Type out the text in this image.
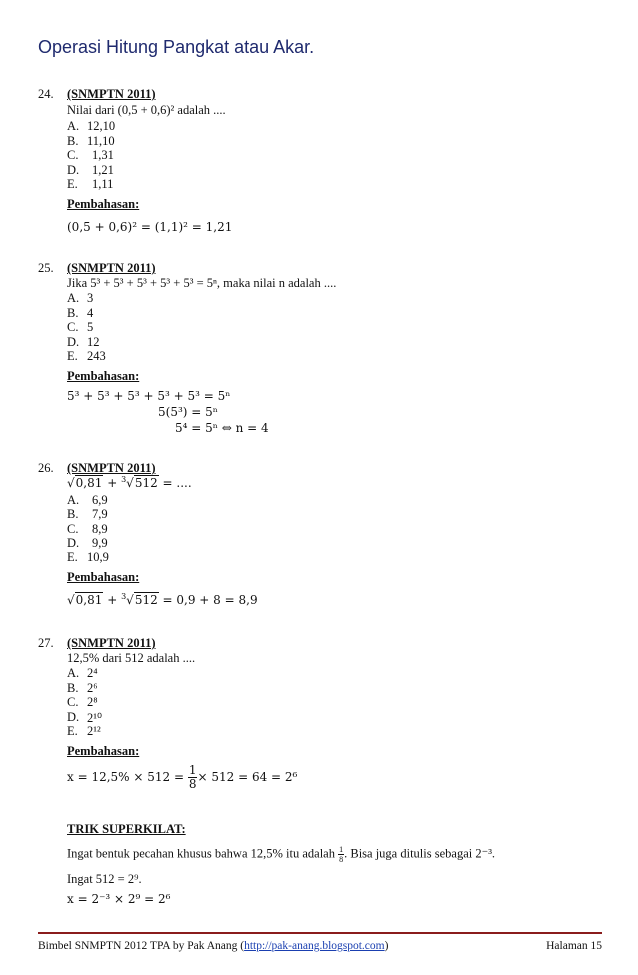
Operasi Hitung Pangkat atau Akar.
24. (SNMPTN 2011)
Nilai dari (0,5 + 0,6)² adalah ....
A. 12,10
B. 11,10
C.	1,31
D.	1,21
E.	1,11
Pembahasan:
(0,5 + 0,6)² = (1,1)² = 1,21
25. (SNMPTN 2011)
Jika 5³ + 5³ + 5³ + 5³ + 5³ = 5ⁿ, maka nilai n adalah ....
A. 3
B. 4
C. 5
D. 12
E. 243
Pembahasan:
5³ + 5³ + 5³ + 5³ + 5³ = 5ⁿ
5(5³) = 5ⁿ
5⁴ = 5ⁿ ⇔ n = 4
26. (SNMPTN 2011)
√0,81 + $^3$√512 = ....
A.	6,9
B.	7,9
C.	8,9
D.	9,9
E. 10,9
Pembahasan:
√0,81 + $^3$√512 = 0,9 + 8 = 8,9
27. (SNMPTN 2011)
12,5% dari 512 adalah ....
A. 2⁴
B. 2⁶
C. 2⁸
D. 2¹⁰
E. 2¹²
Pembahasan:
$x = 12,5\% \times 512 = \frac{1}{8} \times 512 = 64 = 2^6$
TRIK SUPERKILAT:
Ingat bentuk pecahan khusus bahwa 12,5% itu adalah $\frac{1}{8}$ . Bisa juga ditulis sebagai 2⁻³.
Ingat 512 = 2⁹.
x = 2⁻³ × 2⁹ = 2⁶
Bimbel SNMPTN 2012 TPA by Pak Anang (http://pak-anang.blogspot.com)	Halaman 15
